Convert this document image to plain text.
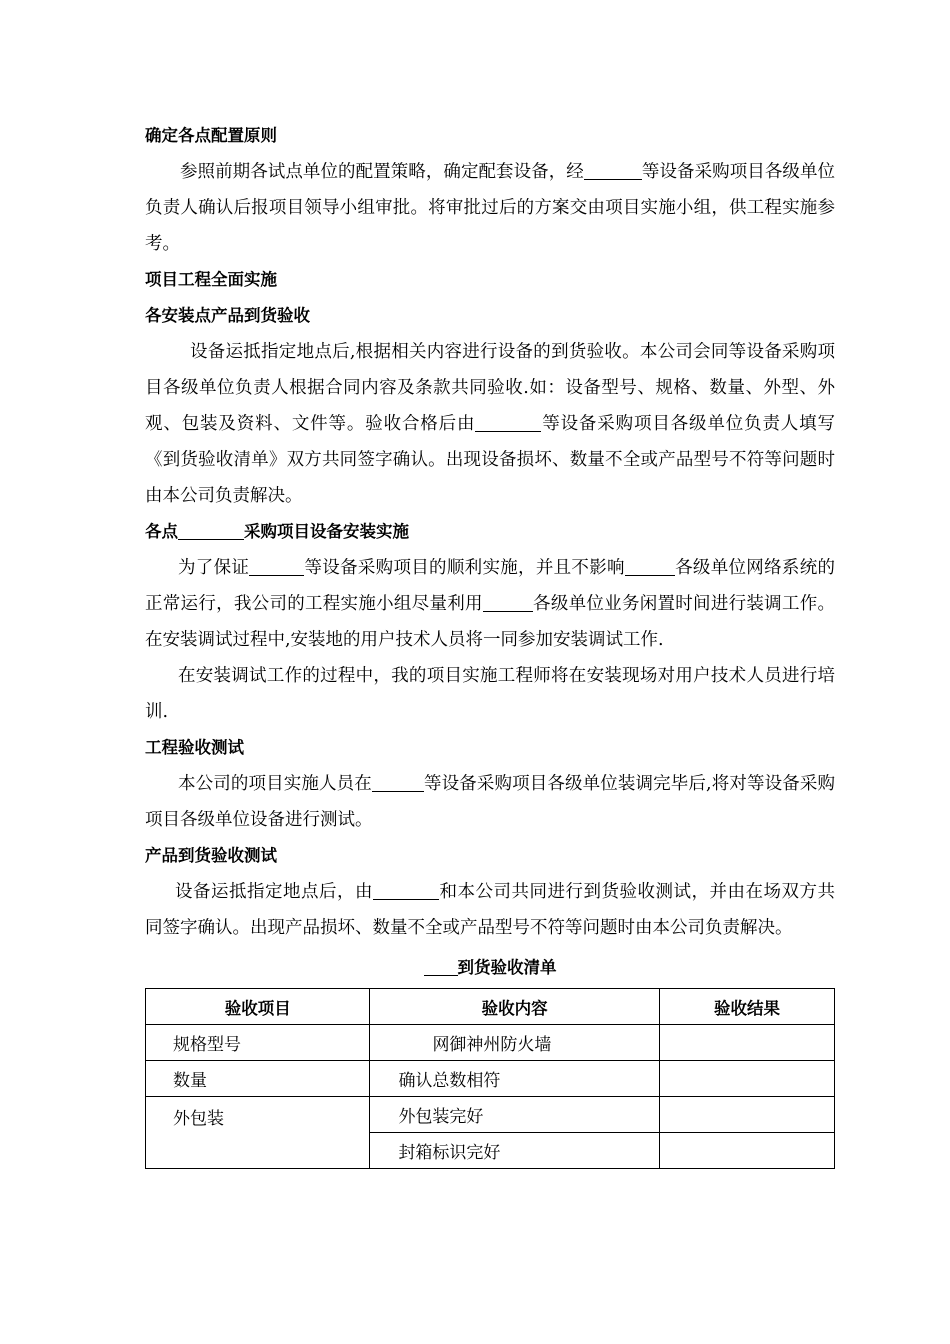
确定各点配置原则
参照前期各试点单位的配置策略，确定配套设备，经	等设备采购项目各级单位负责人确认后报项目领导小组审批。将审批过后的方案交由项目实施小组，供工程实施参考。
项目工程全面实施
各安装点产品到货验收
设备运抵指定地点后,根据相关内容进行设备的到货验收。本公司会同等设备采购项目各级单位负责人根据合同内容及条款共同验收.如：设备型号、规格、数量、外型、外观、包装及资料、文件等。验收合格后由	等设备采购项目各级单位负责人填写《到货验收清单》双方共同签字确认。出现设备损坏、数量不全或产品型号不符等问题时由本公司负责解决。
各点	采购项目设备安装实施
为了保证	等设备采购项目的顺利实施，并且不影响	各级单位网络系统的正常运行，我公司的工程实施小组尽量利用	各级单位业务闲置时间进行装调工作。在安装调试过程中,安装地的用户技术人员将一同参加安装调试工作.
在安装调试工作的过程中，我的项目实施工程师将在安装现场对用户技术人员进行培训.
工程验收测试
本公司的项目实施人员在	等设备采购项目各级单位装调完毕后,将对等设备采购项目各级单位设备进行测试。
产品到货验收测试
设备运抵指定地点后，由	和本公司共同进行到货验收测试，并由在场双方共同签字确认。出现产品损坏、数量不全或产品型号不符等问题时由本公司负责解决。
到货验收清单
验收项目	验收内容	验收结果
规格型号	网御神州防火墙	
数量	确认总数相符	
外包装	外包装完好	
	封箱标识完好	
